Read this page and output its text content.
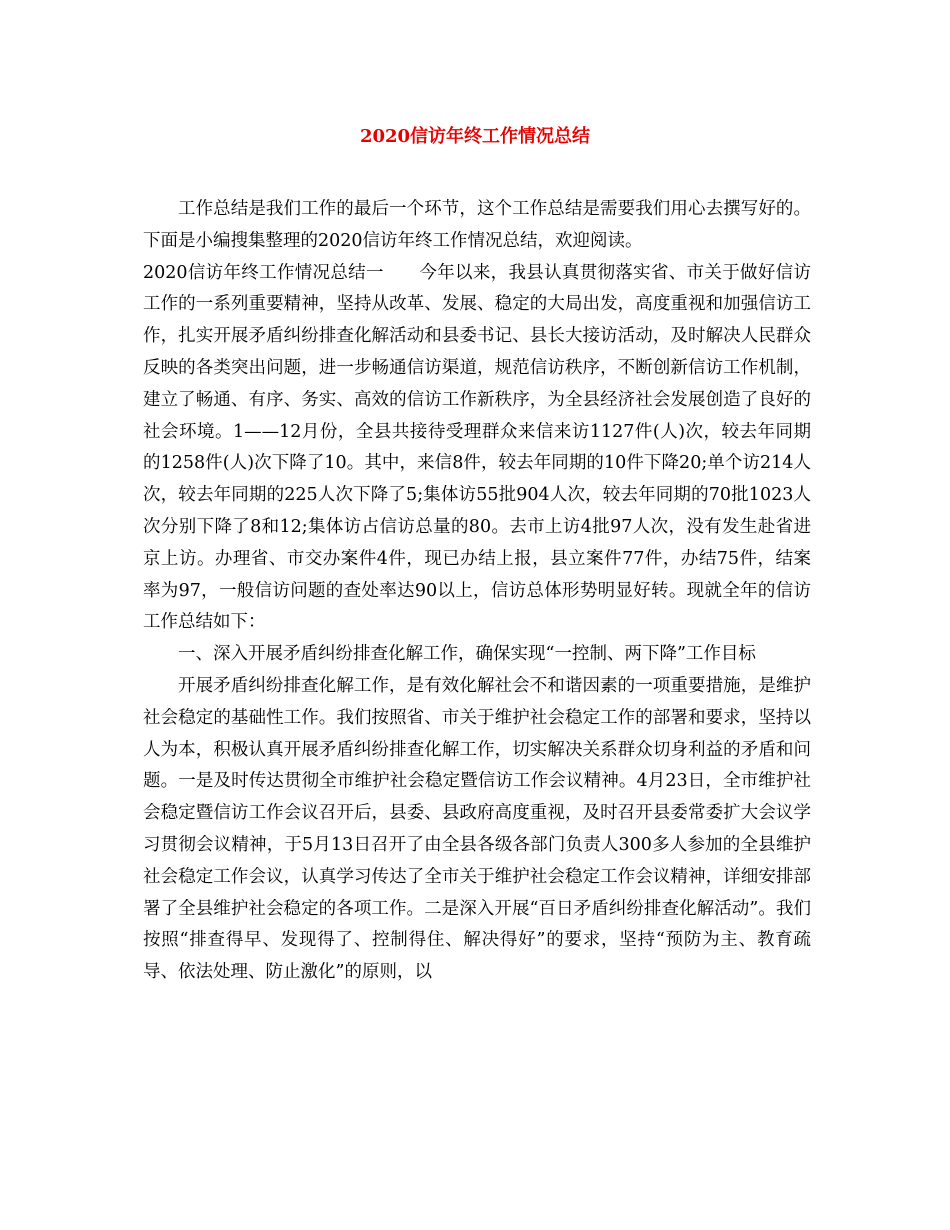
2020信访年终工作情况总结

工作总结是我们工作的最后一个环节，这个工作总结是需要我们用心去撰写好的。下面是小编搜集整理的2020信访年终工作情况总结，欢迎阅读。

2020信访年终工作情况总结一　　今年以来，我县认真贯彻落实省、市关于做好信访工作的一系列重要精神，坚持从改革、发展、稳定的大局出发，高度重视和加强信访工作，扎实开展矛盾纠纷排查化解活动和县委书记、县长大接访活动，及时解决人民群众反映的各类突出问题，进一步畅通信访渠道，规范信访秩序，不断创新信访工作机制，建立了畅通、有序、务实、高效的信访工作新秩序，为全县经济社会发展创造了良好的社会环境。1——12月份，全县共接待受理群众来信来访1127件(人)次，较去年同期的1258件(人)次下降了10。其中，来信8件，较去年同期的10件下降20;单个访214人次，较去年同期的225人次下降了5;集体访55批904人次，较去年同期的70批1023人次分别下降了8和12;集体访占信访总量的80。去市上访4批97人次，没有发生赴省进京上访。办理省、市交办案件4件，现已办结上报，县立案件77件，办结75件，结案率为97，一般信访问题的查处率达90以上，信访总体形势明显好转。现就全年的信访工作总结如下：

一、深入开展矛盾纠纷排查化解工作，确保实现“一控制、两下降”工作目标

开展矛盾纠纷排查化解工作，是有效化解社会不和谐因素的一项重要措施，是维护社会稳定的基础性工作。我们按照省、市关于维护社会稳定工作的部署和要求，坚持以人为本，积极认真开展矛盾纠纷排查化解工作，切实解决关系群众切身利益的矛盾和问题。一是及时传达贯彻全市维护社会稳定暨信访工作会议精神。4月23日，全市维护社会稳定暨信访工作会议召开后，县委、县政府高度重视，及时召开县委常委扩大会议学习贯彻会议精神，于5月13日召开了由全县各级各部门负责人300多人参加的全县维护社会稳定工作会议，认真学习传达了全市关于维护社会稳定工作会议精神，详细安排部署了全县维护社会稳定的各项工作。二是深入开展“百日矛盾纠纷排查化解活动”。我们按照“排查得早、发现得了、控制得住、解决得好”的要求，坚持“预防为主、教育疏导、依法处理、防止激化”的原则，以
